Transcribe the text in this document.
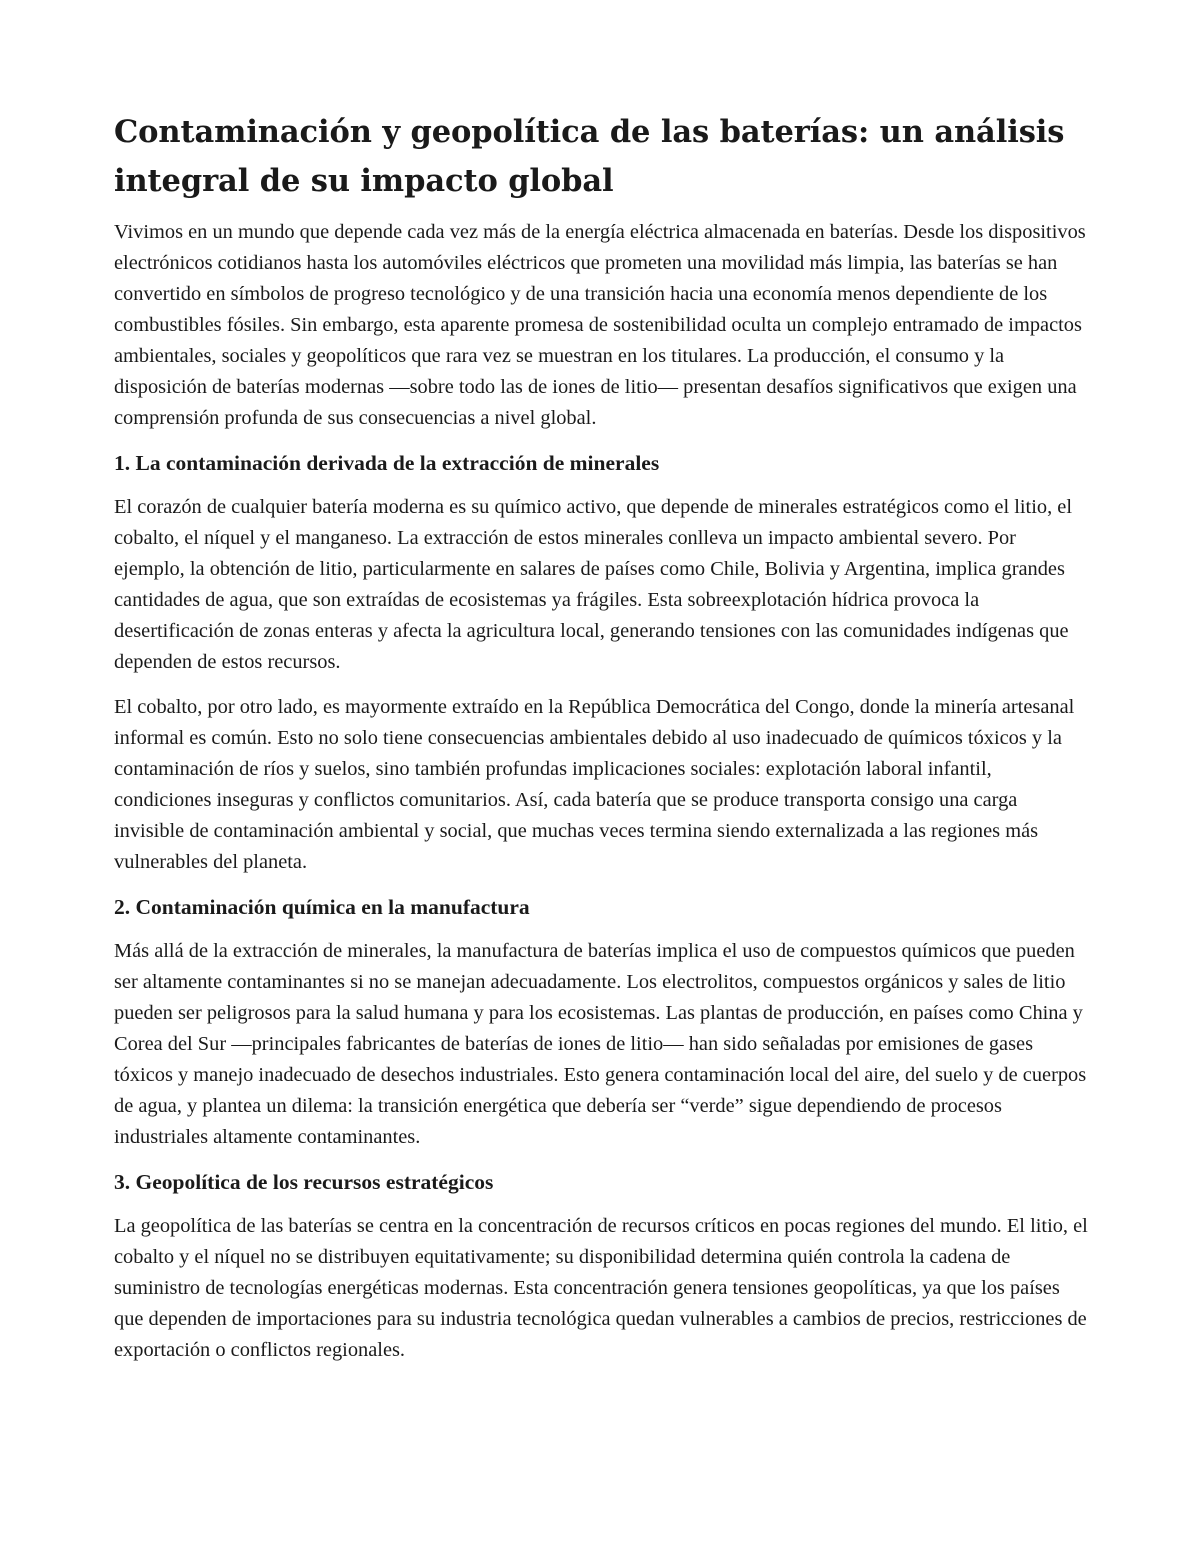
Contaminación y geopolítica de las baterías: un análisis integral de su impacto global

Vivimos en un mundo que depende cada vez más de la energía eléctrica almacenada en baterías. Desde los dispositivos electrónicos cotidianos hasta los automóviles eléctricos que prometen una movilidad más limpia, las baterías se han convertido en símbolos de progreso tecnológico y de una transición hacia una economía menos dependiente de los combustibles fósiles. Sin embargo, esta aparente promesa de sostenibilidad oculta un complejo entramado de impactos ambientales, sociales y geopolíticos que rara vez se muestran en los titulares. La producción, el consumo y la disposición de baterías modernas —sobre todo las de iones de litio— presentan desafíos significativos que exigen una comprensión profunda de sus consecuencias a nivel global.

1. La contaminación derivada de la extracción de minerales

El corazón de cualquier batería moderna es su químico activo, que depende de minerales estratégicos como el litio, el cobalto, el níquel y el manganeso. La extracción de estos minerales conlleva un impacto ambiental severo. Por ejemplo, la obtención de litio, particularmente en salares de países como Chile, Bolivia y Argentina, implica grandes cantidades de agua, que son extraídas de ecosistemas ya frágiles. Esta sobreexplotación hídrica provoca la desertificación de zonas enteras y afecta la agricultura local, generando tensiones con las comunidades indígenas que dependen de estos recursos.

El cobalto, por otro lado, es mayormente extraído en la República Democrática del Congo, donde la minería artesanal informal es común. Esto no solo tiene consecuencias ambientales debido al uso inadecuado de químicos tóxicos y la contaminación de ríos y suelos, sino también profundas implicaciones sociales: explotación laboral infantil, condiciones inseguras y conflictos comunitarios. Así, cada batería que se produce transporta consigo una carga invisible de contaminación ambiental y social, que muchas veces termina siendo externalizada a las regiones más vulnerables del planeta.

2. Contaminación química en la manufactura

Más allá de la extracción de minerales, la manufactura de baterías implica el uso de compuestos químicos que pueden ser altamente contaminantes si no se manejan adecuadamente. Los electrolitos, compuestos orgánicos y sales de litio pueden ser peligrosos para la salud humana y para los ecosistemas. Las plantas de producción, en países como China y Corea del Sur —principales fabricantes de baterías de iones de litio— han sido señaladas por emisiones de gases tóxicos y manejo inadecuado de desechos industriales. Esto genera contaminación local del aire, del suelo y de cuerpos de agua, y plantea un dilema: la transición energética que debería ser “verde” sigue dependiendo de procesos industriales altamente contaminantes.

3. Geopolítica de los recursos estratégicos

La geopolítica de las baterías se centra en la concentración de recursos críticos en pocas regiones del mundo. El litio, el cobalto y el níquel no se distribuyen equitativamente; su disponibilidad determina quién controla la cadena de suministro de tecnologías energéticas modernas. Esta concentración genera tensiones geopolíticas, ya que los países que dependen de importaciones para su industria tecnológica quedan vulnerables a cambios de precios, restricciones de exportación o conflictos regionales.
